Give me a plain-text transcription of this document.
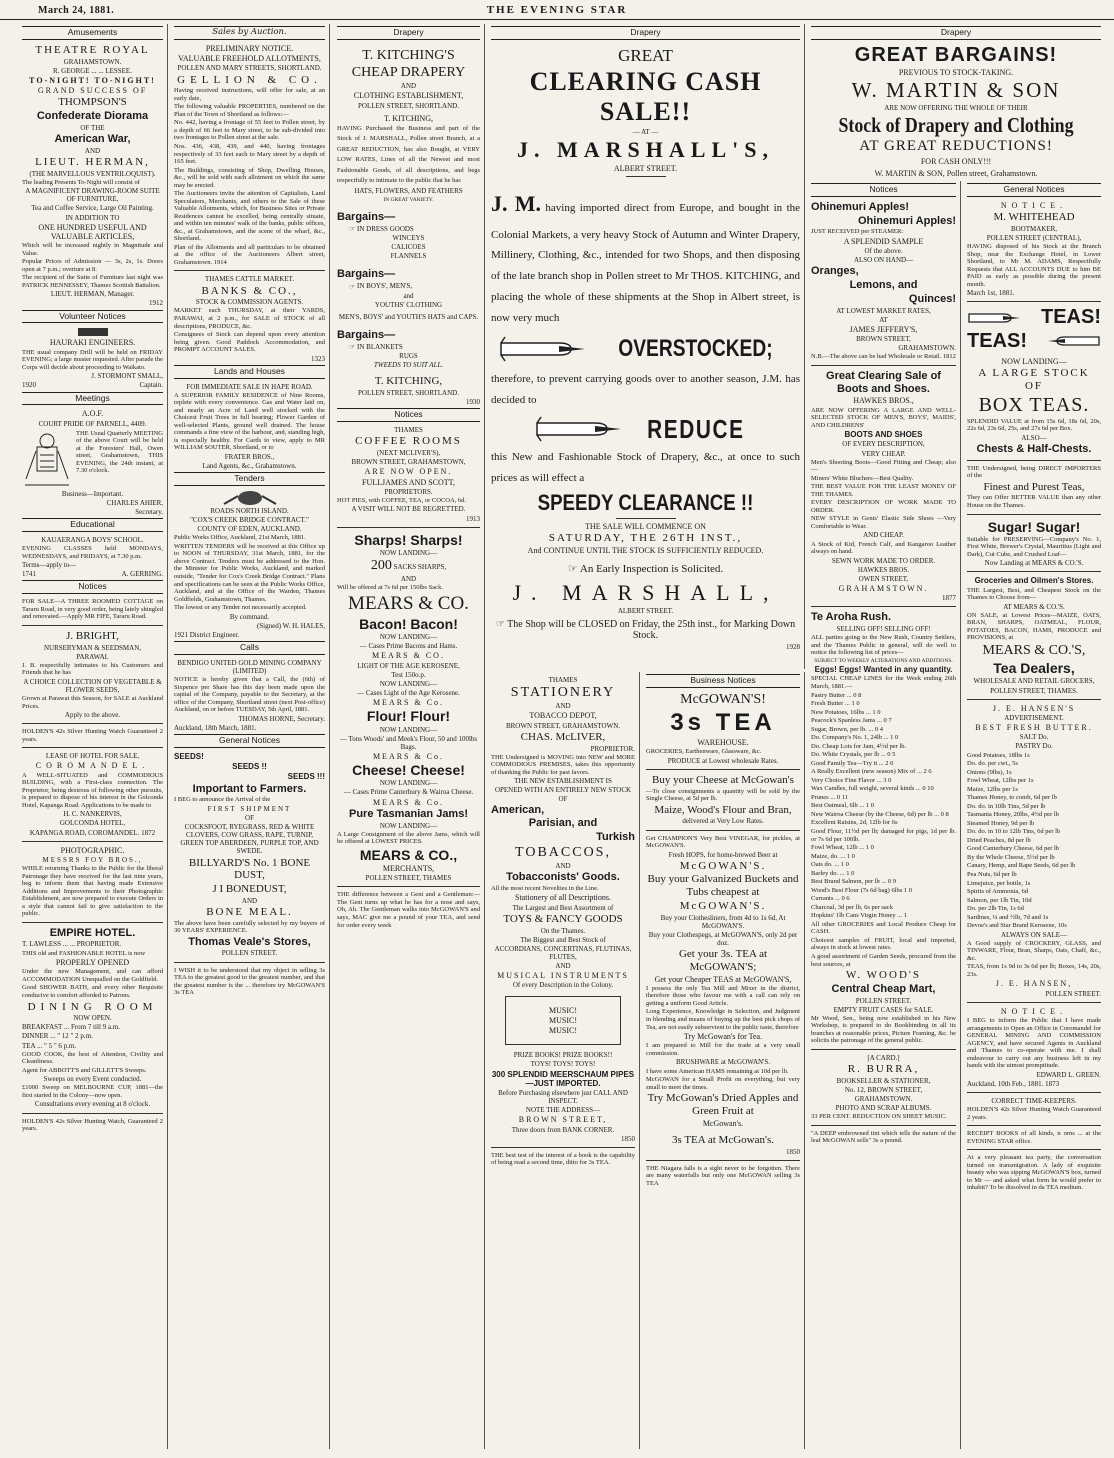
March 24, 1881.	THE EVENING STAR
Amusements

THEATRE ROYAL

GRAHAMSTOWN.

R. GEORGE ... ... LESSEE.

TO-NIGHT! TO-NIGHT!

GRAND SUCCESS OF

THOMPSON'S

Confederate Diorama

OF THE

American War,

AND

LIEUT. HERMAN,

(THE MARVELLOUS VENTRILOQUIST).

The leading Presents To-Night will consist of

A MAGNIFICENT DRAWING-ROOM SUITE OF FURNITURE,

Tea and Coffee Service, Large Oil Painting.

IN ADDITION TO

ONE HUNDRED USEFUL AND VALUABLE ARTICLES,

Which will be increased nightly in Magnitude and Value.

Popular Prices of Admission — 3s, 2s, 1s. Doors open at 7 p.m.; overture at 8.

The recipient of the Suite of Furniture last night was PATRICK HENNESSEY, Thames Scottish Battalion.

LIEUT. HERMAN, Manager.

1912

Volunteer Notices

HAURAKI ENGINEERS.

THE usual company Drill will be held on FRIDAY EVENING; a large muster requested. After parade the Corps will decide about proceeding to Waikato.

J. STORMONT SMALL,

1920	Captain.

Meetings

A.O.F.

COURT PRIDE OF PARNELL, 4409.

THE Usual Quarterly MEETING of the above Court will be held at the Foresters' Hall, Owen street, Grahamstown, THIS EVENING, the 24th instant, at 7.30 o'clock.

Business—Important.

CHARLES AHIER,

Secretary.

Educational

KAUAERANGA BOYS' SCHOOL.

EVENING CLASSES held MONDAYS, WEDNESDAYS, and FRIDAYS, at 7.30 p.m.

Terms—apply to—

1741	A. GERRING.

Notices

FOR SALE—A THREE ROOMED COTTAGE on Tararu Road, in very good order, being lately shingled and renovated.—Apply MR FIFE, Tararu Road.

J. BRIGHT,

NURSERYMAN & SEEDSMAN,

PARAWAI.

J. B. respectfully intimates to his Customers and Friends that he has

A CHOICE COLLECTION OF VEGETABLE & FLOWER SEEDS,

Grown at Parawai this Season, for SALE at Auckland Prices.

Apply to the above.

HOLDEN'S 42s Silver Hunting Watch Guaranteed 2 years.

LEASE OF HOTEL FOR SALE,

COROMANDEL.

A WELL-SITUATED and COMMODIOUS BUILDING, with a First-class connection. The Proprietor, being desirous of following other pursuits, is prepared to dispose of his interest in the Golconda Hotel, Kapanga Road. Applications to be made to

H. C. NANKERVIS,

GOLCONDA HOTEL,

KAPANGA ROAD, COROMANDEL. 1872

PHOTOGRAPHIC.

MESSRS FOY BROS.,

WHILE returning Thanks to the Public for the liberal Patronage they have received for the last nine years, beg to inform them that having made Extensive Additions and Improvements to their Photographic Establishment, are now prepared to execute Orders in a style that cannot fail to give satisfaction to the public.

EMPIRE HOTEL.

T. LAWLESS ... ... PROPRIETOR.

THIS old and FASHIONABLE HOTEL is now

PROPERLY OPENED

Under the new Management, and can afford ACCOMMODATION Unequalled on the Goldfield.

Good SHOWER BATH, and every other Requisite conducive to comfort afforded to Patrons.

DINING ROOM

NOW OPEN.

BREAKFAST ... From 7 till 9 a.m.

DINNER ... " 12 " 2 p.m.

TEA ... " 5 " 6 p.m.

GOOD COOK, the best of Attention, Civility and Cleanliness.

Agent for ABBOTT'S and GILLETT'S Sweeps.

Sweeps on every Event conducted.

£1000 Sweep on MELBOURNE CUP, 1881—the first started in the Colony—now open.

Consultations every evening at 8 o'clock.

HOLDEN'S 42s Silver Hunting Watch, Guaranteed 2 years.

Sales by Auction.

PRELIMINARY NOTICE.

VALUABLE FREEHOLD ALLOTMENTS,

POLLEN AND MARY STREETS, SHORTLAND.

GELLION & CO.

Having received instructions, will offer for sale, at an early date,

The following valuable PROPERTIES, numbered on the Plan of the Town of Shortland as follows:—

No. 442, having a frontage of 55 feet to Pollen street, by a depth of 66 feet to Mary street, to be sub-divided into two frontages to Pollen street at the sale.

Nos. 436, 438, 439, and 440, having frontages respectively of 33 feet each to Mary street by a depth of 165 feet.

The Buildings, consisting of Shop, Dwelling Houses, &c., will be sold with each allotment on which the same may be erected.

The Auctioneers invite the attention of Capitalists, Land Speculators, Merchants, and others to the Sale of these Valuable Allotments, which, for Business Sites or Private Residences cannot be excelled, being centrally situate, and within ten minutes' walk of the banks, public offices, &c., at Grahamstown, and the scene of the wharf, &c., Shortland.

Plan of the Allotments and all particulars to be obtained at the office of the Auctioneers Albert street, Grahamstown. 1914

THAMES CATTLE MARKET.

BANKS & CO.,

STOCK & COMMISSION AGENTS.

MARKET each THURSDAY, at their YARDS, PARAWAI, at 2 p.m., for SALE of STOCK of all descriptions, PRODUCE, &c.

Consignees of Stock can depend upon every attention being given. Good Paddock Accommodation, and PROMPT ACCOUNT SALES.

1323

Lands and Houses

FOR IMMEDIATE SALE IN HAPE ROAD.

A SUPERIOR FAMILY RESIDENCE of Nine Rooms, replete with every convenience. Gas and Water laid on, and nearly an Acre of Land well stocked with the Choicest Fruit Trees in full bearing; Flower Garden of well-selected Plants, ground well drained. The house commands a fine view of the harbour, and, standing high, is especially healthy. For Cards to view, apply to MR WILLIAM SOUTER, Shortland, or to

FRATER BROS.,

Land Agents, &c., Grahamstown.

Tenders

ROADS NORTH ISLAND.

"COX'S CREEK BRIDGE CONTRACT."

COUNTY OF EDEN, AUCKLAND.

Public Works Office, Auckland, 21st March, 1881.

WRITTEN TENDERS will be received at this Office up to NOON of THURSDAY, 31st March, 1881, for the above Contract. Tenders must be addressed to the Hon. the Minister for Public Works, Auckland, and marked outside, "Tender for Cox's Creek Bridge Contract." Plans and specifications can be seen at the Public Works Office, Auckland, and at the Office of the Warden, Thames Goldfields, Grahamstown, Thames.

The lowest or any Tender not necessarily accepted.

By command.

(Signed) W. H. HALES,

1921 District Engineer.

Calls

BENDIGO UNITED GOLD MINING COMPANY (LIMITED)

NOTICE is hereby given that a Call, the (6th) of Sixpence per Share has this day been made upon the capital of the Company, payable to the Secretary, at the office of the Company, Shortland street (next Post-office) Auckland, on or before TUESDAY, 5th April, 1881.

THOMAS HORNE, Secretary.

Auckland, 18th March, 1881.

General Notices

SEEDS!

SEEDS !!

SEEDS !!!

Important to Farmers.

I BEG to announce the Arrival of the

FIRST SHIPMENT

OF

COCKSFOOT, RYEGRASS, RED & WHITE CLOVERS, COW GRASS, RAPE, TURNIP, GREEN TOP ABERDEEN, PURPLE TOP, AND SWEDE.

BILLYARD'S No. 1 BONE DUST,

J I BONEDUST,

AND

BONE MEAL.

The above have been carefully selected by my buyers of 30 YEARS' EXPERIENCE.

Thomas Veale's Stores,

POLLEN STREET.

I WISH it to be understood that my object in selling 3s TEA to the greatest good to the greatest number, and that the greatest number is the ... therefore try McGOWAN'S 3s TEA

Drapery

T. KITCHING'S

CHEAP DRAPERY

AND

CLOTHING ESTABLISHMENT,

POLLEN STREET, SHORTLAND.

T. KITCHING,

HAVING Purchased the Business and part of the Stock of J. MARSHALL, Pollen street Branch, at a GREAT REDUCTION, has also Bought, at VERY LOW RATES, Lines of all the Newest and most Fashionable Goods, of all descriptions, and begs respectfully to intimate to the public that he has

HATS, FLOWERS, AND FEATHERS

IN GREAT VARIETY.

Bargains—

☞ IN DRESS GOODS

WINCEYS

CALICOES

FLANNELS

Bargains—

☞ IN BOYS', MEN'S,

and

YOUTHS' CLOTHING

MEN'S, BOYS' and YOUTH'S HATS and CAPS.

Bargains—

☞ IN BLANKETS

RUGS

TWEEDS TO SUIT ALL.

T. KITCHING,

POLLEN STREET, SHORTLAND.

1930

Notices

THAMES

COFFEE ROOMS

(NEXT MCLIVER'S),

BROWN STREET, GRAHAMSTOWN,

ARE NOW OPEN.

FULLJAMES AND SCOTT,

PROPRIETORS.

HOT PIES, with COFFEE, TEA, or COCOA, 6d.

A VISIT WILL NOT BE REGRETTED.

1913

Sharps! Sharps!

NOW LANDING—

200 SACKS SHARPS,

AND

Will be offered at 7s 6d per 150lbs Sack.

MEARS & CO.

Bacon! Bacon!

NOW LANDING—

— Cases Prime Bacons and Hams.

MEARS & CO.

LIGHT OF THE AGE KEROSENE,

Test 150o.p.

NOW LANDING—

— Cases Light of the Age Kerosene.

MEARS & Co.

Flour! Flour!

NOW LANDING—

— Tons Woods' and Meek's Flour, 50 and 100lbs Bags.

MEARS & Co.

Cheese! Cheese!

NOW LANDING—

— Cases Prime Canterbury & Wairoa Cheese.

MEARS & Co.

Pure Tasmanian Jams!

NOW LANDING—

A Large Consignment of the above Jams, which will be offered at LOWEST PRICES.

MEARS & CO.,

MERCHANTS,

POLLEN STREET, THAMES

THE difference between a Gent and a Gentleman:—The Gent turns up what he has for a nose and says, Oh, Ah. The Gentleman walks into McGOWAN'S and says, MAC give me a pound of your TEA, and send for order every week

Drapery

GREAT

CLEARING CASH SALE!!

— AT —

J. MARSHALL'S,

ALBERT STREET.

J. M. having imported direct from Europe, and bought in the Colonial Markets, a very heavy Stock of Autumn and Winter Drapery, Millinery, Clothing, &c., intended for two Shops, and then disposing of the late branch shop in Pollen street to Mr THOS. KITCHING, and placing the whole of these shipments at the Shop in Albert street, is now very much

OVERSTOCKED;

therefore, to prevent carrying goods over to another season, J.M. has decided to

REDUCE

this New and Fashionable Stock of Drapery, &c., at once to such prices as will effect a

SPEEDY CLEARANCE !!

THE SALE WILL COMMENCE ON

SATURDAY, THE 26TH INST.,

And CONTINUE UNTIL THE STOCK IS SUFFICIENTLY REDUCED.

☞ An Early Inspection is Solicited.

J. MARSHALL,

ALBERT STREET.

☞ The Shop will be CLOSED on Friday, the 25th inst., for Marking Down Stock.

1928

THAMES

STATIONERY

AND

TOBACCO DEPOT,

BROWN STREET, GRAHAMSTOWN.

CHAS. McLIVER,

PROPRIETOR.

THE Undersigned is MOVING into NEW and MORE COMMODIOUS PREMISES, takes this opportunity of thanking the Public for past favors.

THE NEW ESTABLISHMENT IS

OPENED WITH AN ENTIRELY NEW STOCK OF

American,

Parisian, and

Turkish

TOBACCOS,

AND

Tobacconists' Goods.

All the most recent Novelties in the Line.

Stationery of all Descriptions.

The Largest and Best Assortment of

TOYS & FANCY GOODS

On the Thames.

The Biggest and Best Stock of

ACCORDIANS, CONCERTINAS, FLUTINAS, FLUTES,

AND

MUSICAL INSTRUMENTS

Of every Description in the Colony.

MUSIC!

MUSIC!

MUSIC!

PRIZE BOOKS! PRIZE BOOKS!!

TOYS! TOYS! TOYS!

300 SPLENDID MEERSCHAUM PIPES —JUST IMPORTED.

Before Purchasing elsewhere just CALL AND INSPECT.

NOTE THE ADDRESS—

BROWN STREET,

Three doors from BANK CORNER.

1850

THE best test of the interest of a book is the capability of being read a second time, ditto for 3s TEA.

Business Notices

McGOWAN'S!

3s TEA

WAREHOUSE.

GROCERIES, Earthenware, Glassware, &c.

PRODUCE at Lowest wholesale Rates.

Buy your Cheese at McGowan's

—To close consignments a quantity will be sold by the Single Cheese, at 5d per lb.

Maize, Wood's Flour and Bran,

delivered at Very Low Rates.

Get CHAMPION'S Very Best VINEGAR, for pickles, at McGOWAN'S.

Fresh HOPS, for home-brewed Beer at

McGOWAN'S.

Buy your Galvanized Buckets and Tubs cheapest at

McGOWAN'S.

Buy your Clothesliners, from 4d to 1s 6d, At McGOWAN'S.

Buy your Clothespegs, at McGOWAN'S, only 2d per doz.

Get your 3s. TEA at McGOWAN'S;

Get your Cheaper TEAS at McGOWAN'S,

I possess the only Tea Mill and Mixer in the district, therefore those who favour me with a call can rely on getting a uniform Good Article.

Long Experience, Knowledge in Selection, and Judgment in blending and means of buying up the best pick chops of Tea, are not easily subservient to the public taste, therefore

Try McGowan's for Tea.

I am prepared to Mill for the trade at a very small commission.

BRUSHWARE at McGOWAN'S.

I have some American HAMS remaining at 10d per lb.

McGOWAN for a Small Profit on everything, but very small to meet the times.

Try McGowan's Dried Apples and Green Fruit at

McGowan's.

3s TEA at McGowan's.

1850

THE Niagara falls is a sight never to be forgotten. There are many waterfalls but only one McGOWAN selling 3s TEA

Drapery

GREAT BARGAINS!

PREVIOUS TO STOCK-TAKING.

W. MARTIN & SON

ARE NOW OFFERING THE WHOLE OF THEIR

Stock of Drapery and Clothing

AT GREAT REDUCTIONS!

FOR CASH ONLY!!!

W. MARTIN & SON, Pollen street, Grahamstown.

Notices

Ohinemuri Apples!

Ohinemuri Apples!

JUST RECEIVED per STEAMER:

A SPLENDID SAMPLE

Of the above.

ALSO ON HAND—

Oranges,

Lemons, and

Quinces!

AT LOWEST MARKET RATES,

AT

JAMES JEFFERY'S,

BROWN STREET,

GRAHAMSTOWN.

N.B.—The above can be had Wholesale or Retail. 1812

Great Clearing Sale of Boots and Shoes.

HAWKES BROS.,

ARE NOW OFFERING A LARGE AND WELL-SELECTED STOCK OF MEN'S, BOYS', MAIDS', AND CHILDRENS'

BOOTS AND SHOES

OF EVERY DESCRIPTION,

VERY CHEAP.

Men's Shooting Boots—Good Fitting and Cheap; also—

Miners' White Bluchers—Best Quality.

THE BEST VALUE FOR THE LEAST MONEY OF THE THAMES.

EVERY DESCRIPTION OF WORK MADE TO ORDER.

NEW STYLE in Gents' Elastic Side Shoes —Very Comfortable to Wear.

AND CHEAP.

A Stock of Kid, French Calf, and Kangaroo Leather always on hand.

SEWN WORK MADE TO ORDER.

HAWKES BROS.

OWEN STREET,

GRAHAMSTOWN.

1877

Te Aroha Rush.

SELLING OFF! SELLING OFF!

ALL parties going to the New Rush, Country Settlers, and the Thames Public in general, will do well to notice the following list of prices—

SUBJECT TO WEEKLY ALTERATIONS AND ADDITIONS.

Eggs! Eggs! Wanted in any quantity.

SPECIAL CHEAP LINES for the Week ending 26th March, 1881.—

Pastry Butter ... 0 8

Fresh Butter ... 1 0

New Potatoes, 16lbs ... 1 0

Peacock's Spanless Jams ... 0 7

Sugar, Brown, per lb. ... 0 4

Do. Company's No. 1, 24lb ... 1 0

Do. Cheap Lots for Jam, 4½d per lb.

Do. White Crystals, per lb ... 0 5

Good Family Tea—Try it ... 2 0

A Really Excellent (new season) Mix of ... 2 6

Very Choice Fine Flavor ... 3 0

Wax Candles, full weight, several kinds ... 0 10

Prunes ... 0 11

Best Oatmeal, 6lb ... 1 0

New Wairoa Cheese (by the Cheese, 6d) per lb ... 0 8

Excellent Raisins, 2d, 12lb for 6s

Good Flour, 11½d per lb; damaged for pigs, 1d per lb. or 7s 6d per 100lb.

Fowl Wheat, 12lb ... 1 0

Maize, do. ... 1 0

Oats do. ... 1 0

Barley do. ... 1 0

Best Brand Salmon, per lb ... 0 9

Wood's Best Flour (7s 6d bag) 6lbs 1 0

Currants ... 0 6

Charcoal, 3d per lb, 6s per sack

Hopkins' 1lb Cans Virgin Honey ... 1

All other GROCERIES and Local Produce Cheap for CASH.

Choicest samples of FRUIT, local and imported, always in stock at lowest rates.

A good assortment of Garden Seeds, procured from the best sources, at

W. WOOD'S

Central Cheap Mart,

POLLEN STREET.

EMPTY FRUIT CASES for SALE.

Mr Wood, Sen., being now established in his New Workshop, is prepared to do Bookbinding in all its branches at reasonable prices, Picture Framing, &c. he solicits the patronage of the general public.

[A CARD.]

R. BURRA,

BOOKSELLER & STATIONER,

No. 12, BROWN STREET,

GRAHAMSTOWN.

PHOTO AND SCRAP ALBUMS.

33 PER CENT. REDUCTION ON SHEET MUSIC.

"A DEEP embrowned tint which tells the nature of the leaf McGOWAN sells" 3s a pound.

General Notices

NOTICE.

M. WHITEHEAD

BOOTMAKER,

POLLEN STREET (CENTRAL),

HAVING disposed of his Stock at the Branch Shop, near the Exchange Hotel, in Lower Shortland, to Mr M. ADAMS, Respectfully Requests that ALL ACCOUNTS DUE to him BE PAID as early as possible during the present month.

March 1st, 1881.

TEAS!
TEAS!

NOW LANDING—

A LARGE STOCK OF

BOX TEAS.

SPLENDID VALUE at from 15s 6d, 18s 6d, 20s, 22s 6d, 23s 6d, 25s, and 27s 6d per Box.

ALSO—

Chests & Half-Chests.

THE Undersigned, being DIRECT IMPORTERS of the

Finest and Purest Teas,

They can Offer BETTER VALUE than any other House on the Thames.

Sugar! Sugar!

Suitable for PRESERVING—Company's No. 1, First White, Brewer's Crystal, Mauritius (Light and Dark), Cut Cube, and Crushed Loaf—

Now Landing at MEARS & CO.'S.

Groceries and Oilmen's Stores.

THE Largest, Best, and Cheapest Stock on the Thames to Choose from—

AT MEARS & CO.'S.

ON SALE, at Lowest Prices—MAIZE, OATS, BRAN, SHARPS, OATMEAL, FLOUR, POTATOES, BACON, HAMS, PRODUCE and PROVISIONS, at

MEARS & CO.'S,

Tea Dealers,

WHOLESALE AND RETAIL GROCERS,

POLLEN STREET, THAMES.

J. E. HANSEN'S

ADVERTISEMENT.

BEST FRESH BUTTER.

SALT Do.

PASTRY Do.

Good Potatoes, 18lbs 1s

Do. do. per cwt., 5s

Onions (9lbs), 1s

Fowl Wheat, 12lbs per 1s

Maize, 12lbs per 1s

Thames Honey, to comb, 6d per lb

Do. do. in 10lb Tins, 5d per lb

Tasmania Honey, 20lbs, 4½d per lb

Steamed Honey, 9d per lb

Do. do. in 10 to 12lb Tins, 6d per lb

Dried Peaches, 8d per lb

Good Canterbury Cheese, 6d per lb

By the Whole Cheese, 5½d per lb

Canary, Hemp, and Rape Seeds, 6d per lb

Pea Nuts, 6d per lb

Limejuice, per bottle, 1s

Spirits of Ammonia, 6d

Salmon, per 1lb Tin, 10d

Do. per 2lb Tin, 1s 6d

Sardines, ¼ and ½lb, 7d and 1s

Devoe's and Star Brand Kerosene, 10s

ALWAYS ON SALE—

A Good supply of CROCKERY, GLASS, and TINWARE, Flour, Bran, Sharps, Oats, Chaff, &c., &c.

TEAS, from 1s 9d to 3s 6d per lb; Boxes, 14s, 20s, 23s.

J. E. HANSEN,

POLLEN STREET.

NOTICE.

I BEG to inform the Public that I have made arrangements to Open an Office in Coromandel for GENERAL MINING AND COMMISSION AGENCY, and have secured Agents in Auckland and Thames to co-operate with me. I shall endeavour to carry out any business left in my hands with the utmost promptitude.

EDWARD L. GREEN.

Auckland, 10th Feb., 1881. 1873

CORRECT TIME-KEEPERS.

HOLDEN'S 42s Silver Hunting Watch Guaranteed 2 years.

RECEIPT BOOKS of all kinds, n orns ... at the EVENING STAR office.

At a very pleasant tea party, the conversation turned on transmigration. A lady of exquisite beauty who was sipping McGOWAN'S box, turned to Mr — and asked what form he would prefer to inhabit? To be dissolved in da TEA medium.
